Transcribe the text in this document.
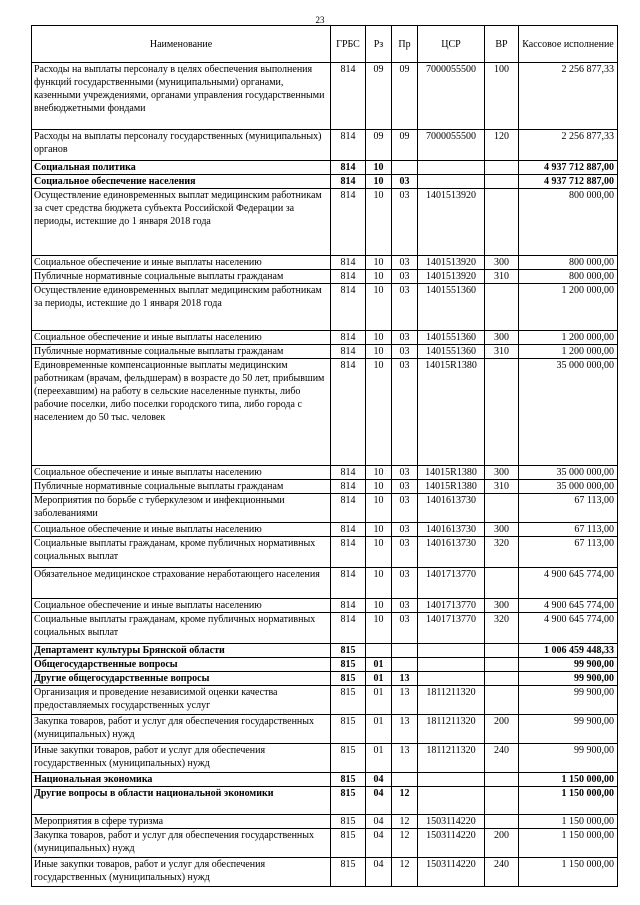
23
Наименование	ГРБС	Рз	Пр	ЦСР	ВР	Кассовое исполнение
Расходы на выплаты персоналу в целях обеспечения выполнения функций государственными (муниципальными) органами, казенными учреждениями, органами управления государственными внебюджетными фондами	814	09	09	7000055500	100	2 256 877,33
Расходы на выплаты персоналу государственных (муниципальных) органов	814	09	09	7000055500	120	2 256 877,33
Социальная политика	814	10				4 937 712 887,00
Социальное обеспечение населения	814	10	03			4 937 712 887,00
Осуществление единовременных выплат медицинским работникам за счет средства бюджета субъекта Российской Федерации за периоды, истекшие до 1 января 2018 года	814	10	03	1401513920		800 000,00
Социальное обеспечение и иные выплаты населению	814	10	03	1401513920	300	800 000,00
Публичные нормативные социальные выплаты гражданам	814	10	03	1401513920	310	800 000,00
Осуществление единовременных выплат медицинским работникам за периоды, истекшие до 1 января 2018 года	814	10	03	1401551360		1 200 000,00
Социальное обеспечение и иные выплаты населению	814	10	03	1401551360	300	1 200 000,00
Публичные нормативные социальные выплаты гражданам	814	10	03	1401551360	310	1 200 000,00
Единовременные компенсационные выплаты медицинским работникам (врачам, фельдшерам) в возрасте до 50 лет, прибывшим (переехавшим) на работу в сельские населенные пункты, либо рабочие поселки, либо поселки городского типа, либо города с населением до 50 тыс. человек	814	10	03	14015R1380		35 000 000,00
Социальное обеспечение и иные выплаты населению	814	10	03	14015R1380	300	35 000 000,00
Публичные нормативные социальные выплаты гражданам	814	10	03	14015R1380	310	35 000 000,00
Мероприятия по борьбе с туберкулезом и инфекционными заболеваниями	814	10	03	1401613730		67 113,00
Социальное обеспечение и иные выплаты населению	814	10	03	1401613730	300	67 113,00
Социальные выплаты гражданам, кроме публичных нормативных социальных выплат	814	10	03	1401613730	320	67 113,00
Обязательное медицинское страхование неработающего населения	814	10	03	1401713770		4 900 645 774,00
Социальное обеспечение и иные выплаты населению	814	10	03	1401713770	300	4 900 645 774,00
Социальные выплаты гражданам, кроме публичных нормативных социальных выплат	814	10	03	1401713770	320	4 900 645 774,00
Департамент культуры Брянской области	815					1 006 459 448,33
Общегосударственные вопросы	815	01				99 900,00
Другие общегосударственные вопросы	815	01	13			99 900,00
Организация и проведение независимой оценки качества предоставляемых государственных услуг	815	01	13	1811211320		99 900,00
Закупка товаров, работ и услуг для обеспечения государственных (муниципальных) нужд	815	01	13	1811211320	200	99 900,00
Иные закупки товаров, работ и услуг для обеспечения государственных (муниципальных) нужд	815	01	13	1811211320	240	99 900,00
Национальная экономика	815	04				1 150 000,00
Другие вопросы в области национальной экономики	815	04	12			1 150 000,00
Мероприятия в сфере туризма	815	04	12	1503114220		1 150 000,00
Закупка товаров, работ и услуг для обеспечения государственных (муниципальных) нужд	815	04	12	1503114220	200	1 150 000,00
Иные закупки товаров, работ и услуг для обеспечения государственных (муниципальных) нужд	815	04	12	1503114220	240	1 150 000,00
